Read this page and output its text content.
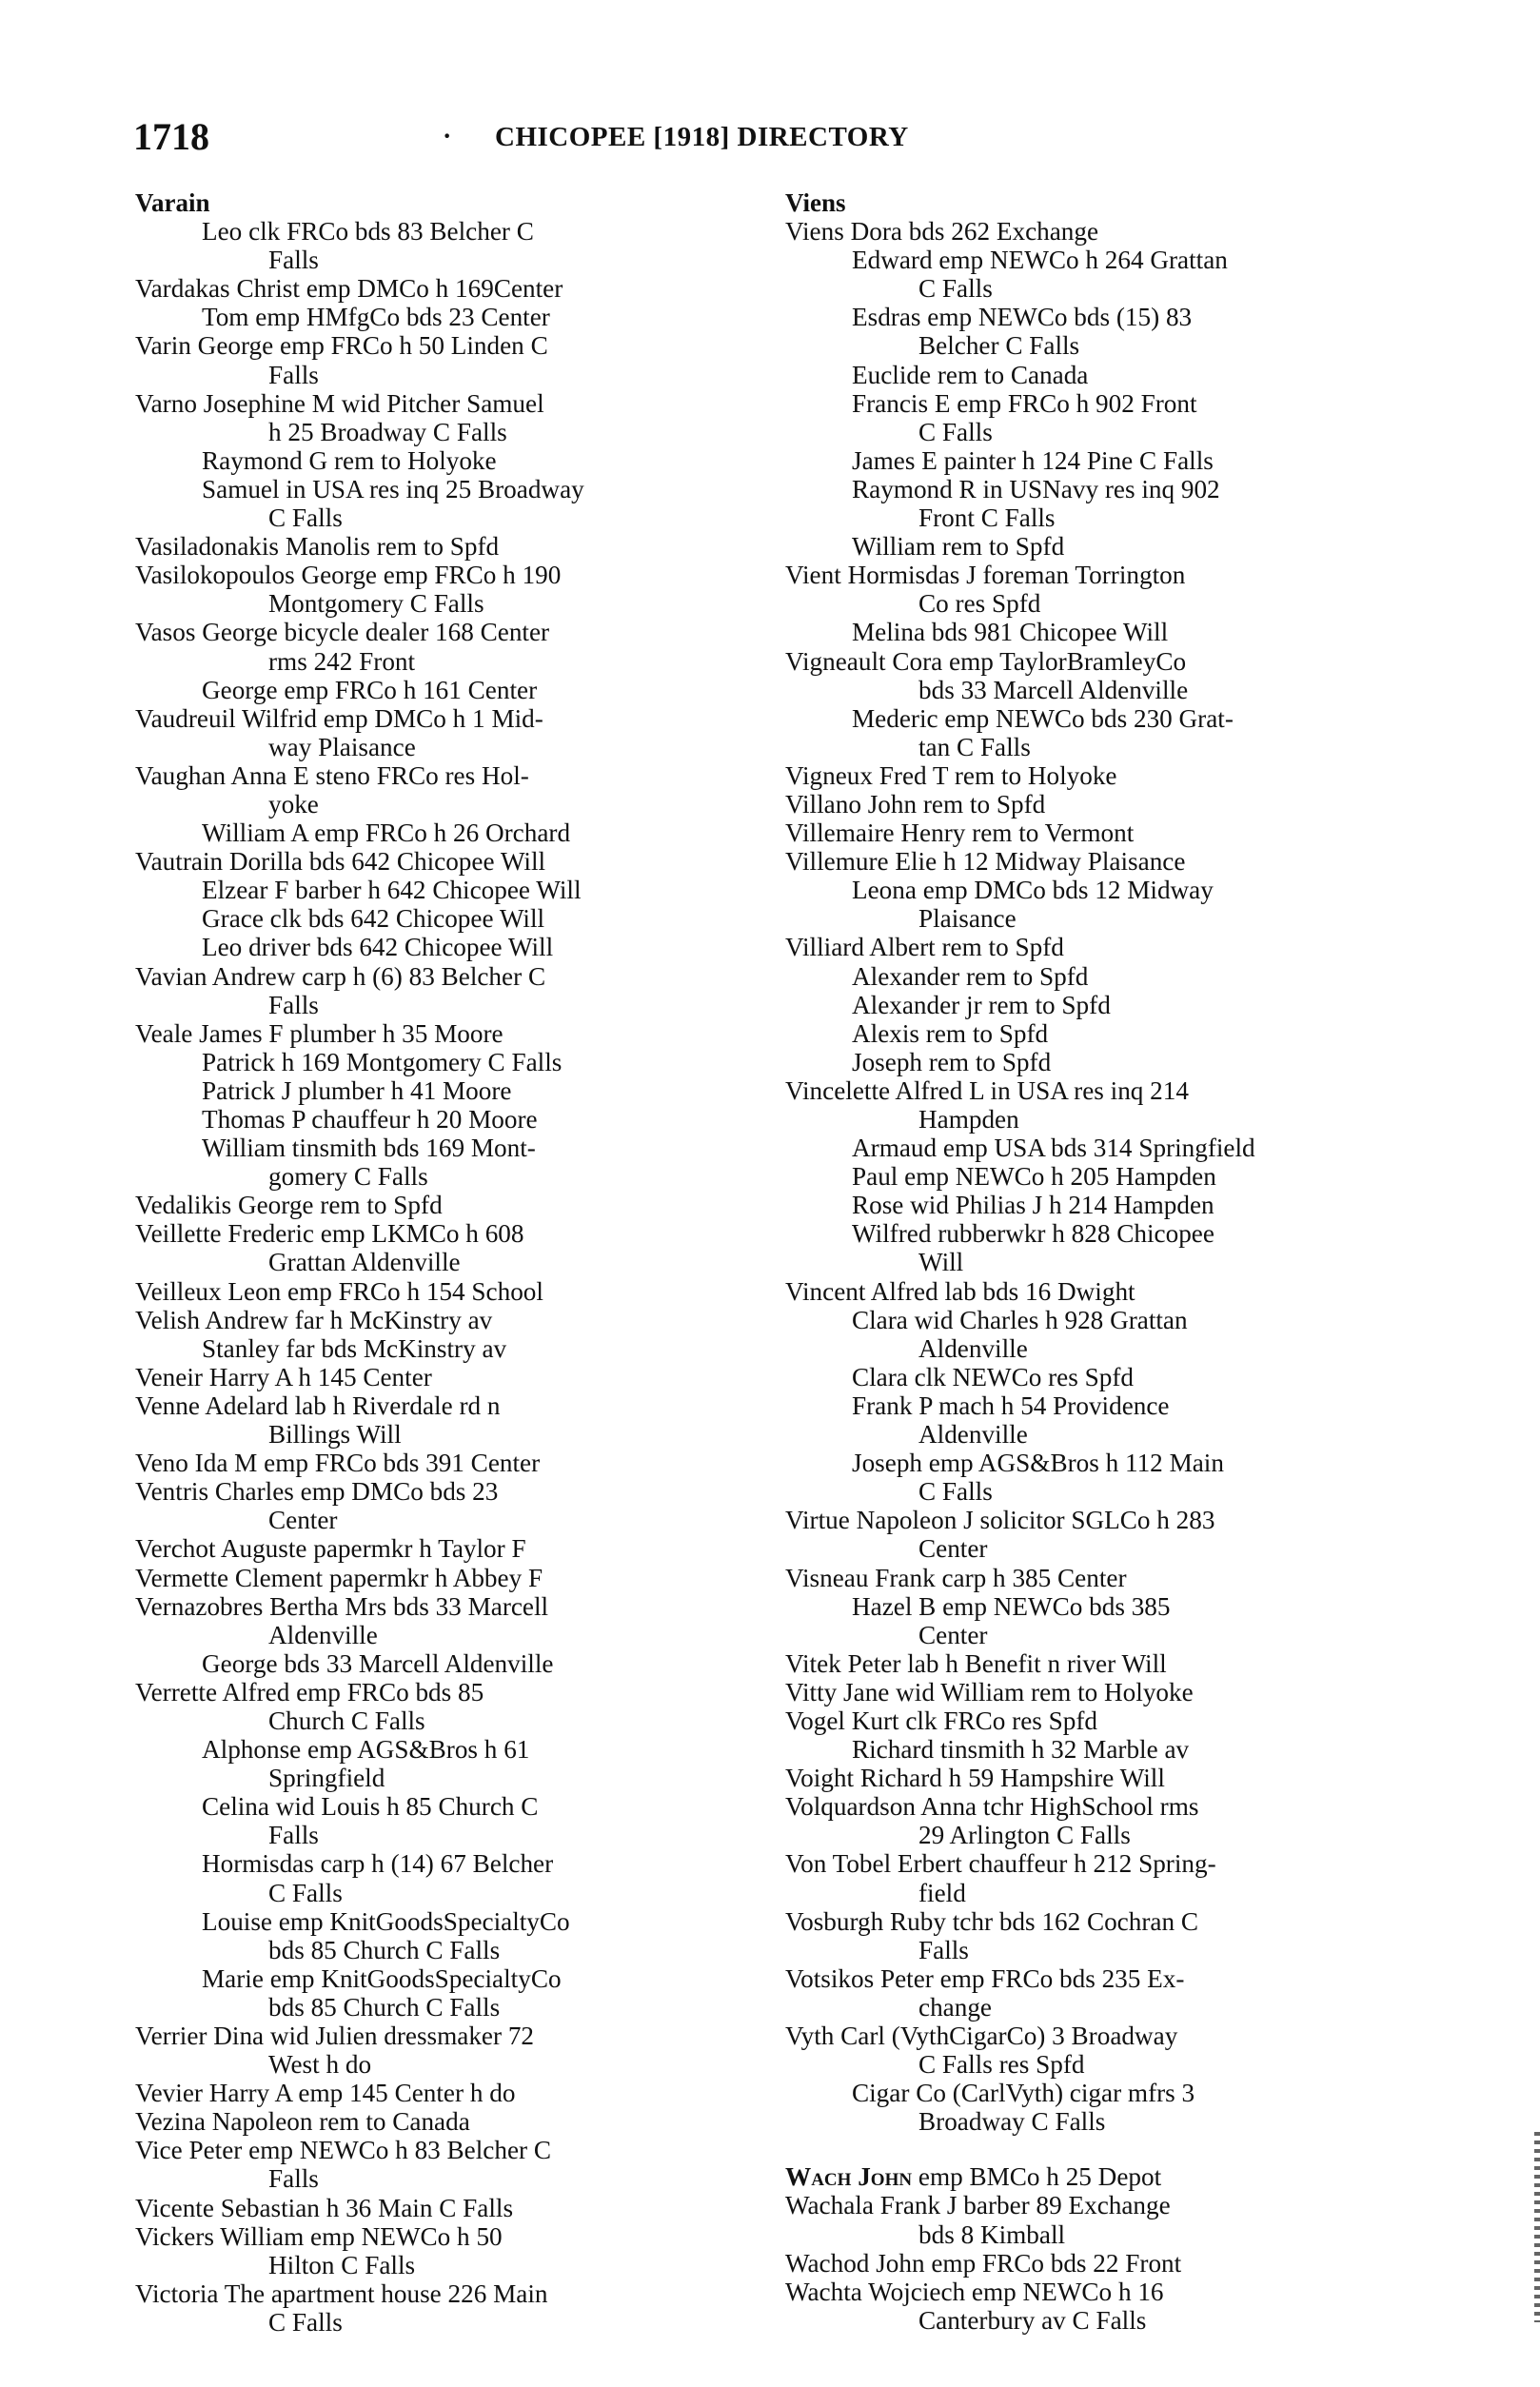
1718	· CHICOPEE [1918] DIRECTORY
Varain
Leo clk FRCo bds 83 Belcher C
Falls
Vardakas Christ emp DMCo h 169Center
Tom emp HMfgCo bds 23 Center
Varin George emp FRCo h 50 Linden C
Falls
Varno Josephine M wid Pitcher Samuel
h 25 Broadway C Falls
Raymond G rem to Holyoke
Samuel in USA res inq 25 Broadway
C Falls
Vasiladonakis Manolis rem to Spfd
Vasilokopoulos George emp FRCo h 190
Montgomery C Falls
Vasos George bicycle dealer 168 Center
rms 242 Front
George emp FRCo h 161 Center
Vaudreuil Wilfrid emp DMCo h 1 Mid-
way Plaisance
Vaughan Anna E steno FRCo res Hol-
yoke
William A emp FRCo h 26 Orchard
Vautrain Dorilla bds 642 Chicopee Will
Elzear F barber h 642 Chicopee Will
Grace clk bds 642 Chicopee Will
Leo driver bds 642 Chicopee Will
Vavian Andrew carp h (6) 83 Belcher C
Falls
Veale James F plumber h 35 Moore
Patrick h 169 Montgomery C Falls
Patrick J plumber h 41 Moore
Thomas P chauffeur h 20 Moore
William tinsmith bds 169 Mont-
gomery C Falls
Vedalikis George rem to Spfd
Veillette Frederic emp LKMCo h 608
Grattan Aldenville
Veilleux Leon emp FRCo h 154 School
Velish Andrew far h McKinstry av
Stanley far bds McKinstry av
Veneir Harry A h 145 Center
Venne Adelard lab h Riverdale rd n
Billings Will
Veno Ida M emp FRCo bds 391 Center
Ventris Charles emp DMCo bds 23
Center
Verchot Auguste papermkr h Taylor F
Vermette Clement papermkr h Abbey F
Vernazobres Bertha Mrs bds 33 Marcell
Aldenville
George bds 33 Marcell Aldenville
Verrette Alfred emp FRCo bds 85
Church C Falls
Alphonse emp AGS&Bros h 61
Springfield
Celina wid Louis h 85 Church C
Falls
Hormisdas carp h (14) 67 Belcher
C Falls
Louise emp KnitGoodsSpecialtyCo
bds 85 Church C Falls
Marie emp KnitGoodsSpecialtyCo
bds 85 Church C Falls
Verrier Dina wid Julien dressmaker 72
West h do
Vevier Harry A emp 145 Center h do
Vezina Napoleon rem to Canada
Vice Peter emp NEWCo h 83 Belcher C
Falls
Vicente Sebastian h 36 Main C Falls
Vickers William emp NEWCo h 50
Hilton C Falls
Victoria The apartment house 226 Main
C Falls
Viens
Viens Dora bds 262 Exchange
Edward emp NEWCo h 264 Grattan
C Falls
Esdras emp NEWCo bds (15) 83
Belcher C Falls
Euclide rem to Canada
Francis E emp FRCo h 902 Front
C Falls
James E painter h 124 Pine C Falls
Raymond R in USNavy res inq 902
Front C Falls
William rem to Spfd
Vient Hormisdas J foreman Torrington
Co res Spfd
Melina bds 981 Chicopee Will
Vigneault Cora emp TaylorBramleyCo
bds 33 Marcell Aldenville
Mederic emp NEWCo bds 230 Grat-
tan C Falls
Vigneux Fred T rem to Holyoke
Villano John rem to Spfd
Villemaire Henry rem to Vermont
Villemure Elie h 12 Midway Plaisance
Leona emp DMCo bds 12 Midway
Plaisance
Villiard Albert rem to Spfd
Alexander rem to Spfd
Alexander jr rem to Spfd
Alexis rem to Spfd
Joseph rem to Spfd
Vincelette Alfred L in USA res inq 214
Hampden
Armaud emp USA bds 314 Springfield
Paul emp NEWCo h 205 Hampden
Rose wid Philias J h 214 Hampden
Wilfred rubberwkr h 828 Chicopee
Will
Vincent Alfred lab bds 16 Dwight
Clara wid Charles h 928 Grattan
Aldenville
Clara clk NEWCo res Spfd
Frank P mach h 54 Providence
Aldenville
Joseph emp AGS&Bros h 112 Main
C Falls
Virtue Napoleon J solicitor SGLCo h 283
Center
Visneau Frank carp h 385 Center
Hazel B emp NEWCo bds 385
Center
Vitek Peter lab h Benefit n river Will
Vitty Jane wid William rem to Holyoke
Vogel Kurt clk FRCo res Spfd
Richard tinsmith h 32 Marble av
Voight Richard h 59 Hampshire Will
Volquardson Anna tchr HighSchool rms
29 Arlington C Falls
Von Tobel Erbert chauffeur h 212 Spring-
field
Vosburgh Ruby tchr bds 162 Cochran C
Falls
Votsikos Peter emp FRCo bds 235 Ex-
change
Vyth Carl (VythCigarCo) 3 Broadway
C Falls res Spfd
Cigar Co (CarlVyth) cigar mfrs 3
Broadway C Falls
Wach John emp BMCo h 25 Depot
Wachala Frank J barber 89 Exchange
bds 8 Kimball
Wachod John emp FRCo bds 22 Front
Wachta Wojciech emp NEWCo h 16
Canterbury av C Falls
